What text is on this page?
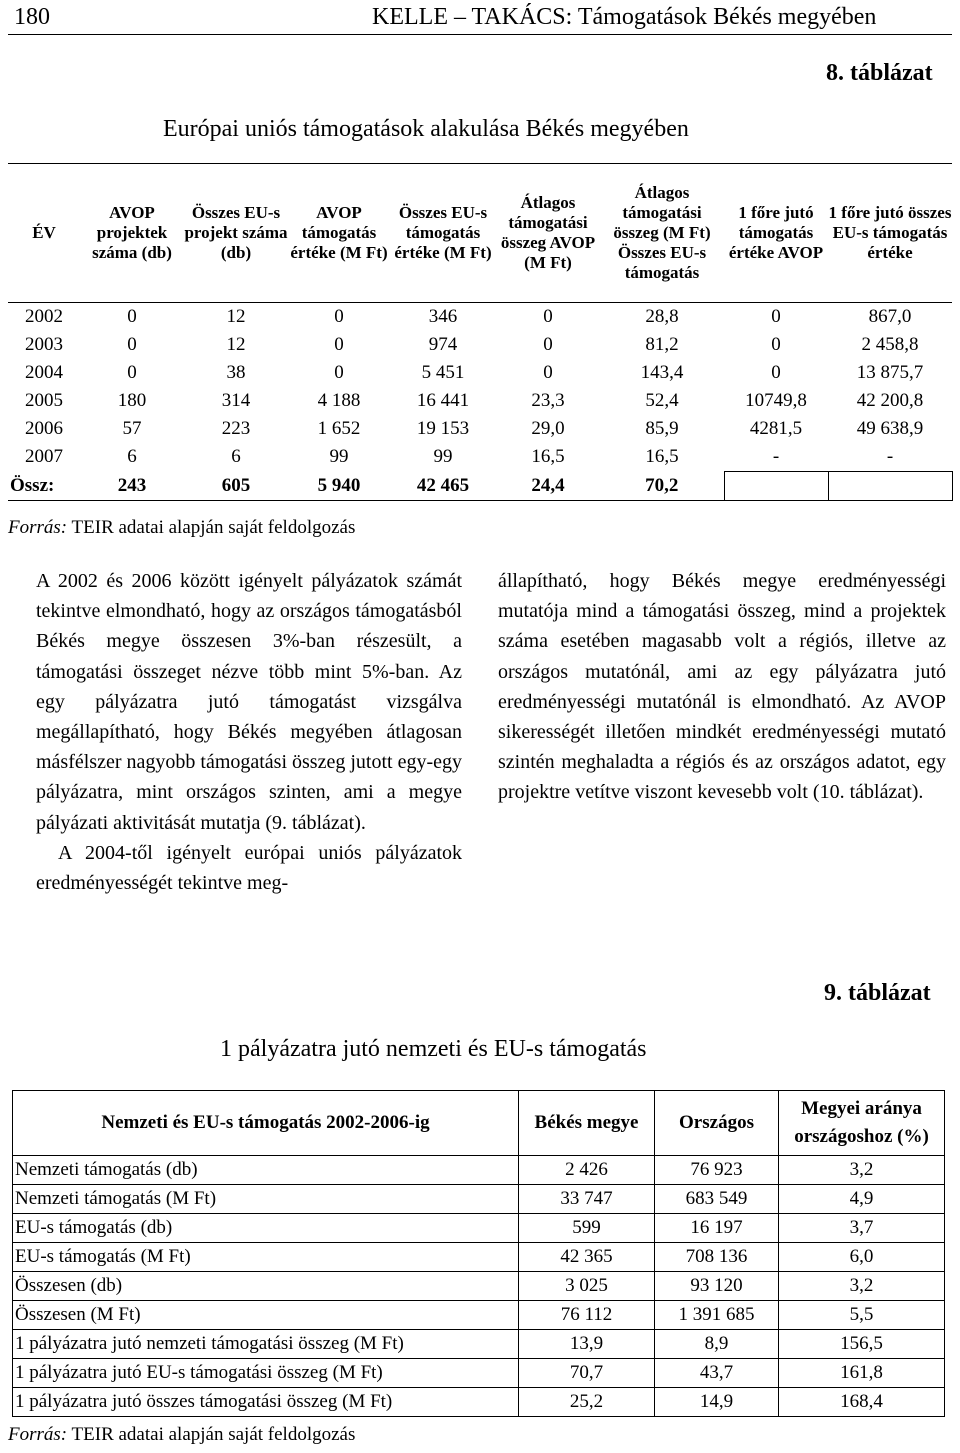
180	KELLE – TAKÁCS: Támogatások Békés megyében
8. táblázat
Európai uniós támogatások alakulása Békés megyében
ÉV	AVOP projektek száma (db)	Összes EU-s projekt száma (db)	AVOP támogatás értéke (M Ft)	Összes EU-s támogatás értéke (M Ft)	Átlagos támogatási összeg AVOP (M Ft)	Átlagos támogatási összeg (M Ft) Összes EU-s támogatás	1 főre jutó támogatás értéke AVOP	1 főre jutó összes EU-s támogatás értéke
2002	0	12	0	346	0	28,8	0	867,0
2003	0	12	0	974	0	81,2	0	2 458,8
2004	0	38	0	5 451	0	143,4	0	13 875,7
2005	180	314	4 188	16 441	23,3	52,4	10749,8	42 200,8
2006	57	223	1 652	19 153	29,0	85,9	4281,5	49 638,9
2007	6	6	99	99	16,5	16,5	-	-
Össz:	243	605	5 940	42 465	24,4	70,2		
Forrás: TEIR adatai alapján saját feldolgozás

A 2002 és 2006 között igényelt pályázatok számát tekintve elmondható, hogy az országos támogatásból Békés megye összesen 3%-ban részesült, a támogatási összeget nézve több mint 5%-ban. Az egy pályázatra jutó támogatást vizsgálva megállapítható, hogy Békés megyében átlagosan másfélszer nagyobb támogatási összeg jutott egy-egy pályázatra, mint országos szinten, ami a megye pályázati aktivitását mutatja (9. táblázat).

A 2004-től igényelt európai uniós pályázatok eredményességét tekintve meg-

állapítható, hogy Békés megye eredményességi mutatója mind a támogatási összeg, mind a projektek száma esetében magasabb volt a régiós, illetve az országos mutatónál, ami az egy pályázatra jutó eredményességi mutatónál is elmondható. Az AVOP sikerességét illetően mindkét eredményességi mutató szintén meghaladta a régiós és az országos adatot, egy projektre vetítve viszont kevesebb volt (10. táblázat).

9. táblázat
1 pályázatra jutó nemzeti és EU-s támogatás
Nemzeti és EU-s támogatás 2002-2006-ig	Békés megye	Országos	Megyei aránya országoshoz (%)
Nemzeti támogatás (db)	2 426	76 923	3,2
Nemzeti támogatás (M Ft)	33 747	683 549	4,9
EU-s támogatás (db)	599	16 197	3,7
EU-s támogatás (M Ft)	42 365	708 136	6,0
Összesen (db)	3 025	93 120	3,2
Összesen (M Ft)	76 112	1 391 685	5,5
1 pályázatra jutó nemzeti támogatási összeg (M Ft)	13,9	8,9	156,5
1 pályázatra jutó EU-s támogatási összeg (M Ft)	70,7	43,7	161,8
1 pályázatra jutó összes támogatási összeg (M Ft)	25,2	14,9	168,4
Forrás: TEIR adatai alapján saját feldolgozás
